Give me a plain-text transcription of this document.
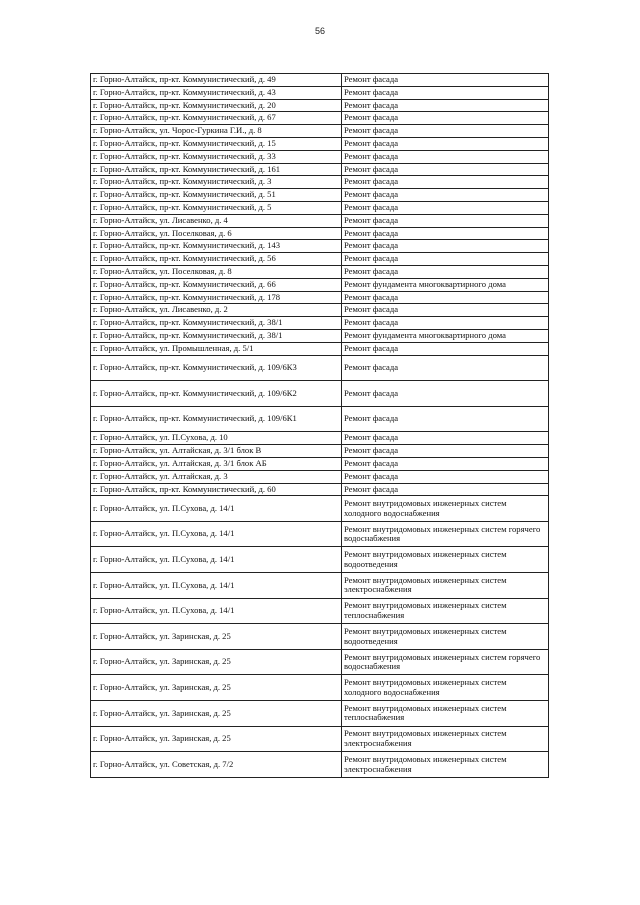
56
г. Горно-Алтайск, пр-кт. Коммунистический, д. 49	Ремонт фасада
г. Горно-Алтайск, пр-кт. Коммунистический, д. 43	Ремонт фасада
г. Горно-Алтайск, пр-кт. Коммунистический, д. 20	Ремонт фасада
г. Горно-Алтайск, пр-кт. Коммунистический, д. 67	Ремонт фасада
г. Горно-Алтайск, ул. Чорос-Гуркина Г.И., д. 8	Ремонт фасада
г. Горно-Алтайск, пр-кт. Коммунистический, д. 15	Ремонт фасада
г. Горно-Алтайск, пр-кт. Коммунистический, д. 33	Ремонт фасада
г. Горно-Алтайск, пр-кт. Коммунистический, д. 161	Ремонт фасада
г. Горно-Алтайск, пр-кт. Коммунистический, д. 3	Ремонт фасада
г. Горно-Алтайск, пр-кт. Коммунистический, д. 51	Ремонт фасада
г. Горно-Алтайск, пр-кт. Коммунистический, д. 5	Ремонт фасада
г. Горно-Алтайск, ул. Лисавенко, д. 4	Ремонт фасада
г. Горно-Алтайск, ул. Поселковая, д. 6	Ремонт фасада
г. Горно-Алтайск, пр-кт. Коммунистический, д. 143	Ремонт фасада
г. Горно-Алтайск, пр-кт. Коммунистический, д. 56	Ремонт фасада
г. Горно-Алтайск, ул. Поселковая, д. 8	Ремонт фасада
г. Горно-Алтайск, пр-кт. Коммунистический, д. 66	Ремонт фундамента многоквартирного дома
г. Горно-Алтайск, пр-кт. Коммунистический, д. 178	Ремонт фасада
г. Горно-Алтайск, ул. Лисавенко, д. 2	Ремонт фасада
г. Горно-Алтайск, пр-кт. Коммунистический, д. 38/1	Ремонт фасада
г. Горно-Алтайск, пр-кт. Коммунистический, д. 38/1	Ремонт фундамента многоквартирного дома
г. Горно-Алтайск, ул. Промышленная, д. 5/1	Ремонт фасада
г. Горно-Алтайск, пр-кт. Коммунистический, д. 109/6К3	Ремонт фасада
г. Горно-Алтайск, пр-кт. Коммунистический, д. 109/6К2	Ремонт фасада
г. Горно-Алтайск, пр-кт. Коммунистический, д. 109/6К1	Ремонт фасада
г. Горно-Алтайск, ул. П.Сухова, д. 10	Ремонт фасада
г. Горно-Алтайск, ул. Алтайская, д. 3/1 блок В	Ремонт фасада
г. Горно-Алтайск, ул. Алтайская, д. 3/1 блок АБ	Ремонт фасада
г. Горно-Алтайск, ул. Алтайская, д. 3	Ремонт фасада
г. Горно-Алтайск, пр-кт. Коммунистический, д. 60	Ремонт фасада
г. Горно-Алтайск, ул. П.Сухова, д. 14/1	Ремонт внутридомовых инженерных систем холодного водоснабжения
г. Горно-Алтайск, ул. П.Сухова, д. 14/1	Ремонт внутридомовых инженерных систем горячего водоснабжения
г. Горно-Алтайск, ул. П.Сухова, д. 14/1	Ремонт внутридомовых инженерных систем водоотведения
г. Горно-Алтайск, ул. П.Сухова, д. 14/1	Ремонт внутридомовых инженерных систем электроснабжения
г. Горно-Алтайск, ул. П.Сухова, д. 14/1	Ремонт внутридомовых инженерных систем теплоснабжения
г. Горно-Алтайск, ул. Заринская, д. 25	Ремонт внутридомовых инженерных систем водоотведения
г. Горно-Алтайск, ул. Заринская, д. 25	Ремонт внутридомовых инженерных систем горячего водоснабжения
г. Горно-Алтайск, ул. Заринская, д. 25	Ремонт внутридомовых инженерных систем холодного водоснабжения
г. Горно-Алтайск, ул. Заринская, д. 25	Ремонт внутридомовых инженерных систем теплоснабжения
г. Горно-Алтайск, ул. Заринская, д. 25	Ремонт внутридомовых инженерных систем электроснабжения
г. Горно-Алтайск, ул. Советская, д. 7/2	Ремонт внутридомовых инженерных систем электроснабжения
